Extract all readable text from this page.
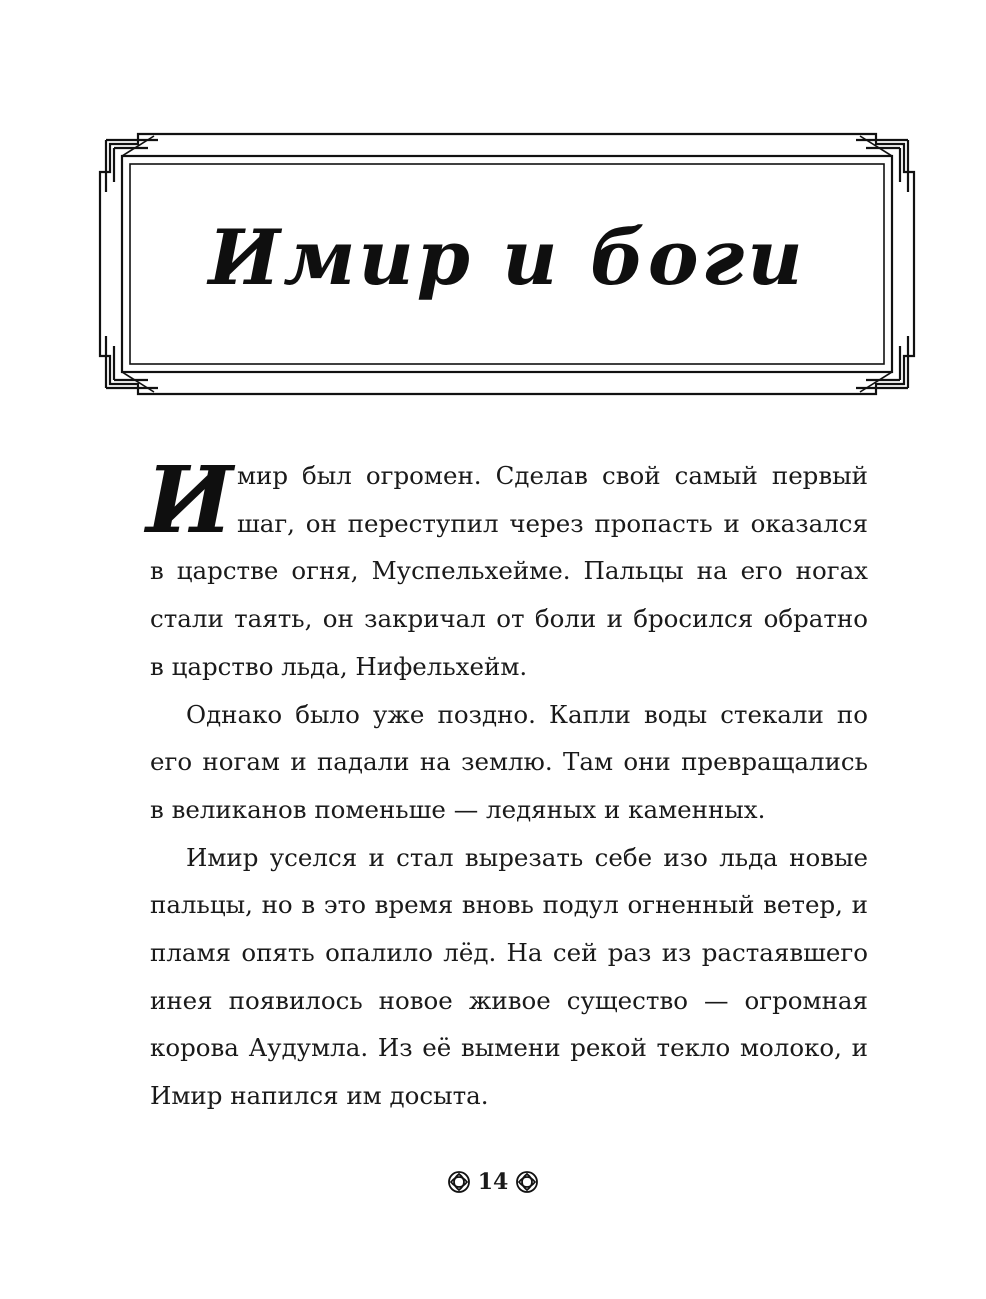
Имир и боги

Имир был огромен. Сделав свой самый первый шаг, он переступил через пропасть и оказался в царстве огня, Муспельхейме. Пальцы на его ногах стали таять, он закричал от боли и бросился обратно в царство льда, Нифельхейм.

Однако было уже поздно. Капли воды стекали по его ногам и падали на землю. Там они превращались в великанов поменьше — ледяных и каменных.

Имир уселся и стал вырезать себе изо льда новые пальцы, но в это время вновь подул огненный ветер, и пламя опять опалило лёд. На сей раз из растаявшего инея появилось новое живое существо — огромная корова Аудумла. Из её вымени рекой текло молоко, и Имир напился им досыта.

14
